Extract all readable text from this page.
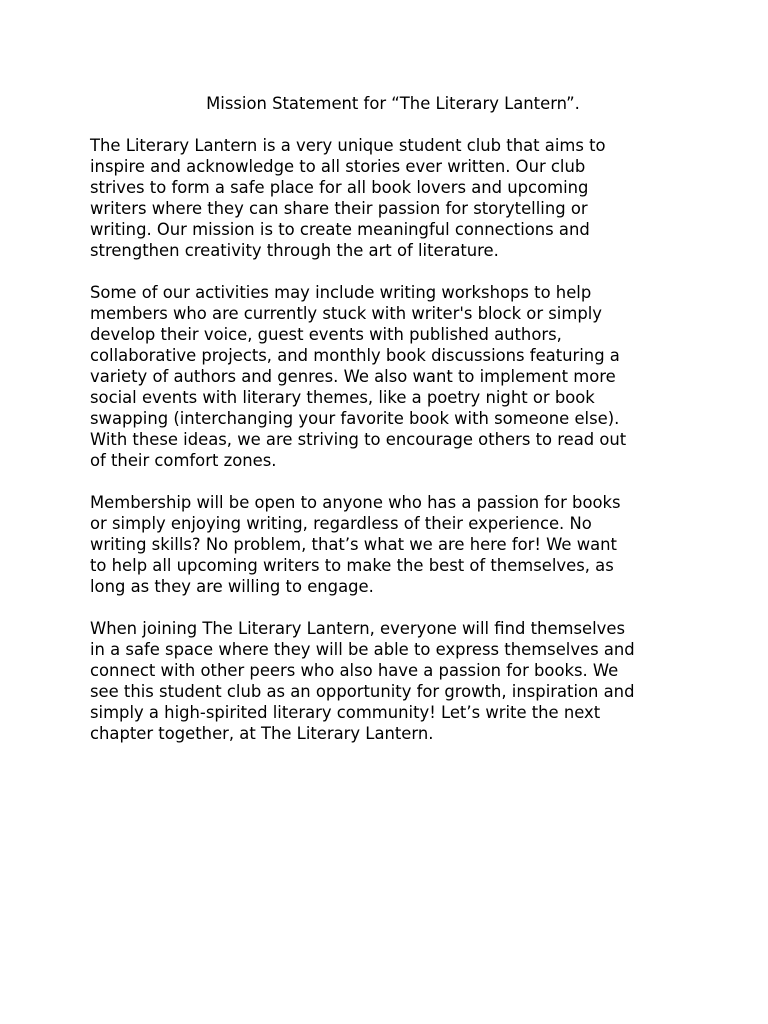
Mission Statement for “The Literary Lantern”.
The Literary Lantern is a very unique student club that aims to
inspire and acknowledge to all stories ever written. Our club
strives to form a safe place for all book lovers and upcoming
writers where they can share their passion for storytelling or
writing. Our mission is to create meaningful connections and
strengthen creativity through the art of literature.
Some of our activities may include writing workshops to help
members who are currently stuck with writer's block or simply
develop their voice, guest events with published authors,
collaborative projects, and monthly book discussions featuring a
variety of authors and genres. We also want to implement more
social events with literary themes, like a poetry night or book
swapping (interchanging your favorite book with someone else).
With these ideas, we are striving to encourage others to read out
of their comfort zones.
Membership will be open to anyone who has a passion for books
or simply enjoying writing, regardless of their experience. No
writing skills? No problem, that’s what we are here for! We want
to help all upcoming writers to make the best of themselves, as
long as they are willing to engage.
When joining The Literary Lantern, everyone will find themselves
in a safe space where they will be able to express themselves and
connect with other peers who also have a passion for books. We
see this student club as an opportunity for growth, inspiration and
simply a high-spirited literary community! Let’s write the next
chapter together, at The Literary Lantern.
